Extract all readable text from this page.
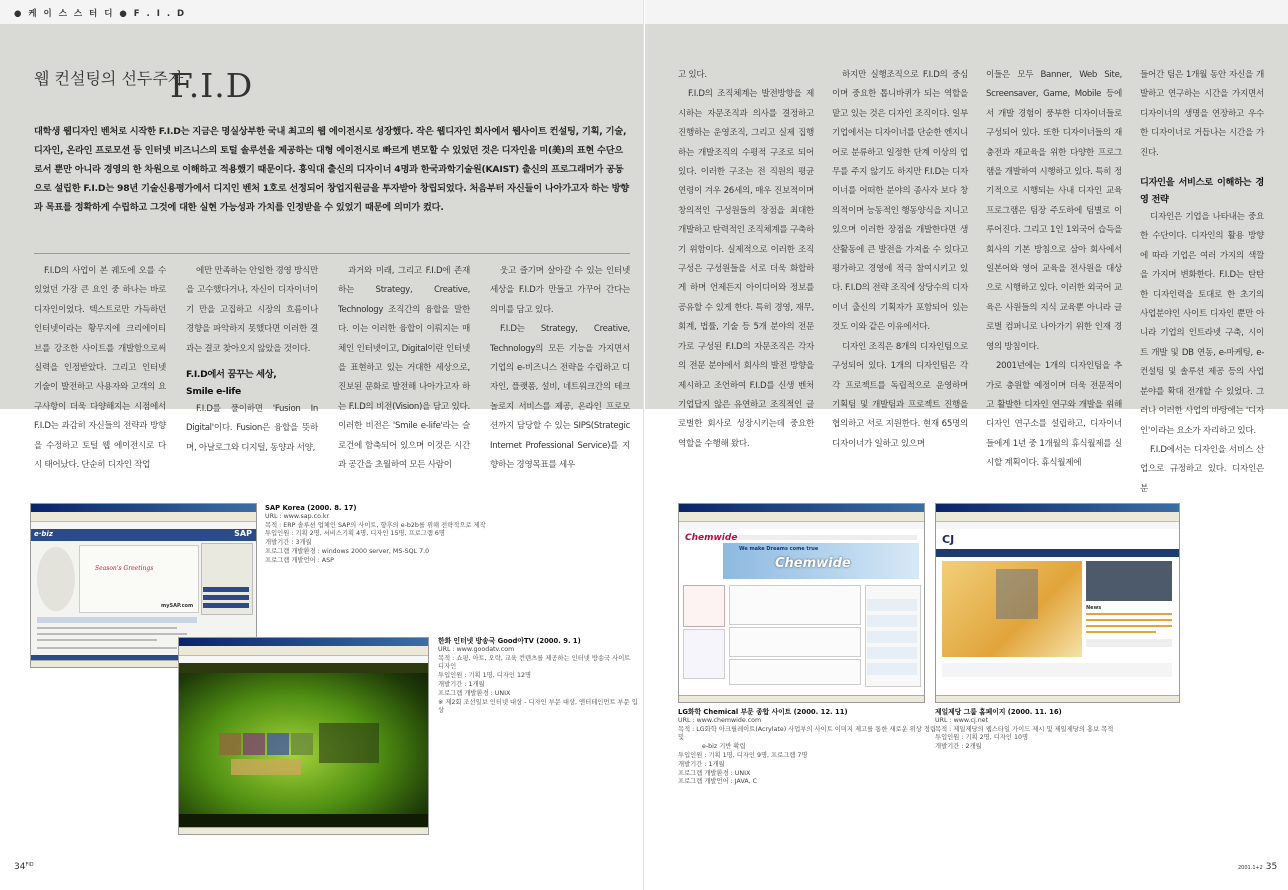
● 케 이 스 스 터 디 ● F . I . D
웹 컨설팅의 선두주자
F.I.D
대학생 웹디자인 벤처로 시작한 F.I.D는 지금은 명실상부한 국내 최고의 웹 에이전시로 성장했다. 작은 웹디자인 회사에서 웹사이트 컨설팅, 기획, 기술, 디자인, 온라인 프로모션 등 인터넷 비즈니스의 토털 솔루션을 제공하는 대형 에이전시로 빠르게 변모할 수 있었던 것은 디자인을 미(美)의 표현 수단으로서 뿐만 아니라 경영의 한 차원으로 이해하고 적용했기 때문이다. 홍익대 출신의 디자이너 4명과 한국과학기술원(KAIST) 출신의 프로그래머가 공동으로 설립한 F.I.D는 98년 기술신용평가에서 디지인 벤처 1호로 선정되어 창업지원금을 투자받아 창립되었다. 처음부터 자신들이 나아가고자 하는 방향과 목표를 정확하게 수립하고 그것에 대한 실현 가능성과 가치를 인정받을 수 있었기 때문에 의미가 컸다.

F.I.D의 사업이 본 궤도에 오를 수 있었던 가장 큰 요인 중 하나는 바로 디자인이었다. 텍스트로만 가득하던 인터넷이라는 황무지에 크리에이티브를 강조한 사이트를 개발함으로써 실력을 인정받았다. 그리고 인터넷 기술이 발전하고 사용자와 고객의 요구사항이 더욱 다양해지는 시점에서 F.I.D는 과감히 자신들의 전략과 방향을 수정하고 토털 웹 에이전시로 다시 태어났다. 단순히 디자인 작업

에만 만족하는 안일한 경영 방식만을 고수했다거나, 자신이 디자이너이기 만을 고집하고 시장의 흐름이나 경향을 파악하지 못했다면 이러한 결과는 결코 찾아오지 않았을 것이다.

F.I.D에서 꿈꾸는 세상,
Smile e-life

F.I.D를 풀이하면 'Fusion In Digital'이다. Fusion은 융합을 뜻하며, 아날로그와 디지털, 동양과 서양,

과거와 미래, 그리고 F.I.D에 존재하는 Strategy, Creative, Technology 조직간의 융합을 말한다. 이는 이러한 융합이 이뤄지는 매체인 인터넷이고, Digital이란 인터넷을 표현하고 있는 거대한 세상으로, 진보된 문화로 발전해 나아가고자 하는 F.I.D의 비전(Vision)을 담고 있다. 이러한 비전은 'Smile e-life'라는 슬로건에 함축되어 있으며 이것은 시간과 공간을 초월하여 모든 사람이

웃고 즐기며 살아갈 수 있는 인터넷 세상을 F.I.D가 만들고 가꾸어 간다는 의미를 담고 있다.

F.I.D는 Strategy, Creative, Technology의 모든 기능을 가지면서 기업의 e-비즈니스 전략을 수립하고 디자인, 플랫폼, 설비, 네트워크간의 테크놀로지 서비스를 제공, 온라인 프로모션까지 담당할 수 있는 SIPS(Strategic Internet Professional Service)를 지향하는 경영목표를 세우

e·biz	SAP
Season's Greetings
mySAP.com
SAP Korea (2000. 8. 17)
URL : www.sap.co.kr
목적 : ERP 솔루션 업체인 SAP의 사이트, 향후의 e-b2b를 위해 전략적으로 제작
투입인원 : 기획 2명, 서비스기획 4명, 디자인 15명, 프로그램 6명
개발기간 : 3개월
프로그램 개발환경 : windows 2000 server, MS-SQL 7.0
프로그램 개발언어 : ASP
한화 인터넷 방송국 Good아TV (2000. 9. 1)
URL : www.goodatv.com
목적 : 쇼핑, 아트, 오락, 교육 컨텐츠를 제공하는 인터넷 방송국 사이트 디자인
투입인원 : 기획 1명, 디자인 12명
개발기간 : 1개월
프로그램 개발환경 : UNIX
※ 제2회 조선일보 인터넷 대상 - 디자인 부문 대상, 엔터테인먼트 부문 입상
$34^{FID}$

고 있다.
F.I.D의 조직체계는 발전방향을 제시하는 자문조직과 의사를 결정하고 진행하는 운영조직, 그리고 실제 집행하는 개발조직의 수평적 구조로 되어 있다. 이러한 구조는 전 직원의 평균 연령이 겨우 26세의, 매우 진보적이며 창의적인 구성원들의 장점을 최대한 개발하고 탄력적인 조직체계를 구축하기 위함이다. 실제적으로 이러한 조직 구성은 구성원들을 서로 더욱 화합하게 하며 언제든지 아이디어와 정보를 공유할 수 있게 한다. 특히 경영, 재무, 회계, 법률, 기술 등 5개 분야의 전문가로 구성된 F.I.D의 자문조직은 각자의 전문 분야에서 회사의 발전 방향을 제시하고 조언하여 F.I.D를 신생 벤처 기업답지 않은 유연하고 조직적인 글로벌한 회사로 성장시키는데 중요한 역할을 수행해 왔다.

하지만 실행조직으로 F.I.D의 중심이며 중요한 톱니바퀴가 되는 역할을 맡고 있는 것은 디자인 조직이다. 일부 기업에서는 디자이너를 단순한 엔지니어로 분류하고 일정한 단계 이상의 업무를 주지 않기도 하지만 F.I.D는 디자이너를 어떠한 분야의 종사자 보다 창의적이며 능동적인 행동양식을 지니고 있으며 이러한 장점을 개발한다면 생산활동에 큰 발전을 가져올 수 있다고 평가하고 경영에 적극 참여시키고 있다. F.I.D의 전략 조직에 상당수의 디자이너 출신의 기획자가 포함되어 있는 것도 이와 같은 이유에서다.
디자인 조직은 8개의 디자인팀으로 구성되어 있다. 1개의 디자인팀은 각각 프로젝트를 독립적으로 운영하며 기획팀 및 개발팀과 프로젝트 진행을 협의하고 서로 지원한다. 현재 65명의 디자이너가 일하고 있으며

이들은 모두 Banner, Web Site, Screensaver, Game, Mobile 등에서 개발 경험이 풍부한 디자이너들로 구성되어 있다. 또한 디자이너들의 재충전과 재교육을 위한 다양한 프로그램을 개발하여 시행하고 있다. 특히 정기적으로 시행되는 사내 디자인 교육 프로그램은 팀장 주도하에 팀별로 이루어진다. 그리고 1인 1외국어 습득을 회사의 기본 방침으로 삼아 회사에서 일본어와 영어 교육을 전사원을 대상으로 시행하고 있다. 이러한 외국어 교육은 사원들의 지식 교육뿐 아니라 글로벌 컴퍼니로 나아가기 위한 인재 경영의 방침이다.
2001년에는 1개의 디자인팀을 추가로 충원할 예정이며 더욱 전문적이고 활발한 디자인 연구와 개발을 위해 디자인 연구소를 설립하고, 디자이너들에게 1년 중 1개월의 휴식월제를 실시할 계획이다. 휴식월제에

들어간 팀은 1개월 동안 자신을 개발하고 연구하는 시간을 가지면서 디자이너의 생명을 연장하고 우수한 디자이너로 거듭나는 시간을 가진다.

디자인을 서비스로 이해하는 경영 전략

디자인은 기업을 나타내는 중요한 수단이다. 디자인의 활용 방향에 따라 기업은 여러 가지의 색깔을 가지며 변화한다. F.I.D는 탄탄한 디자인력을 토대로 한 초기의 사업분야인 사이트 디자인 뿐만 아니라 기업의 인트라넷 구축, 시이트 개발 및 DB 연동, e-마케팅, e-컨설팅 및 솔루션 제공 등의 사업분야를 확대 전개할 수 있었다. 그러나 이러한 사업의 바탕에는 '디자인'이라는 요소가 자리하고 있다.
F.I.D에서는 디자인을 서비스 산업으로 규정하고 있다. 디자인은 분

Chemwide
We make Dreams come true
Chemwide
LG화학 Chemical 부문 종합 사이트 (2000. 12. 11)
URL : www.chemwide.com
목적 : LG화학 아크릴레이트(Acrylate) 사업부의 사이트 이미지 제고를 통한 새로운 위상 정립 및
e-biz 기반 확립
투입인원 : 기획 1명, 디자인 9명, 프로그램 7명
개발기간 : 1개월
프로그램 개발환경 : UNIX
프로그램 개발언어 : JAVA, C
CJ
News
제일제당 그룹 홈페이지 (2000. 11. 16)
URL : www.cj.net
목적 : 제일제당의 웹스타일 가이드 제시 및 제일제당의 홍보 목적
투입인원 : 기획 2명, 디자인 10명
개발기간 : 2개월
2001.1+2 35
